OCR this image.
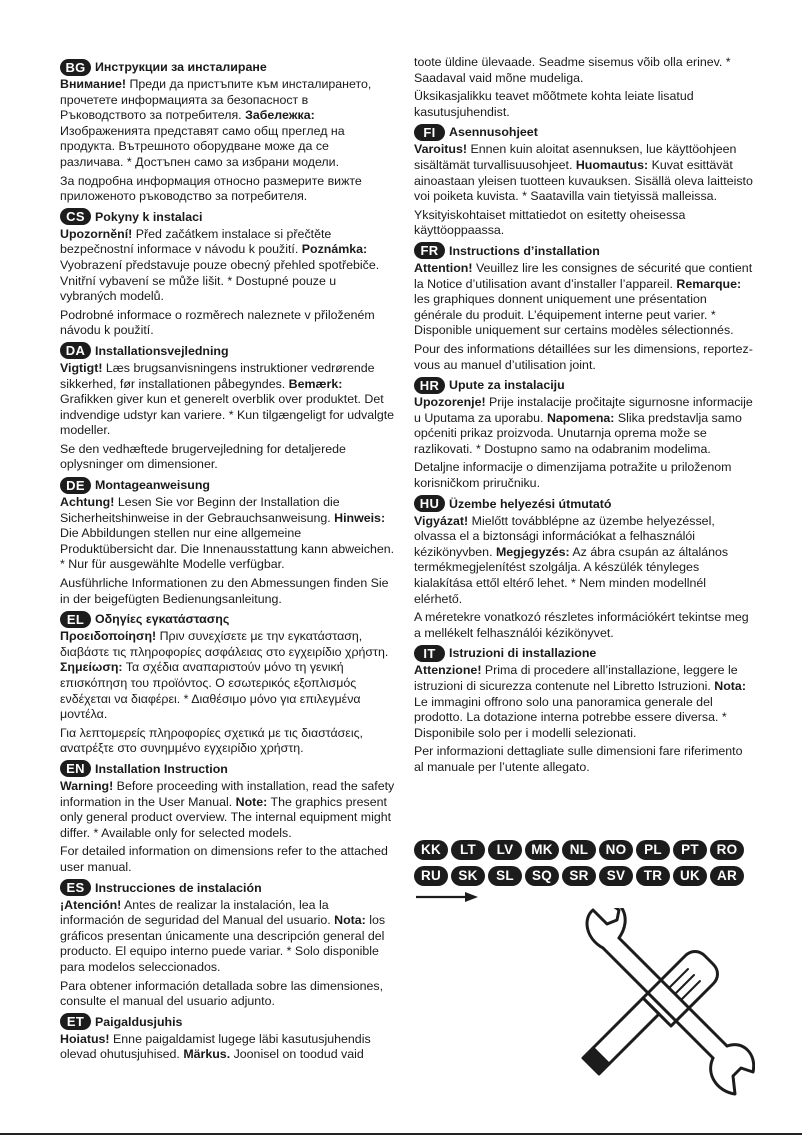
BG Инструкции за инсталиране

Внимание! Преди да пристъпите към инсталирането, прочетете информацията за безопасност в Ръководството за потребителя. Забележка: Изображенията представят само общ преглед на продукта. Вътрешното оборудване може да се различава. * Достъпен само за избрани модели.

За подробна информация относно размерите вижте приложеното ръководство за потребителя.

CS Pokyny k instalaci

Upozornění! Před začátkem instalace si přečtěte bezpečnostní informace v návodu k použití. Poznámka: Vyobrazení představuje pouze obecný přehled spotřebiče. Vnitřní vybavení se může lišit. * Dostupné pouze u vybraných modelů.

Podrobné informace o rozměrech naleznete v přiloženém návodu k použití.

DA Installationsvejledning

Vigtigt! Læs brugsanvisningens instruktioner vedrørende sikkerhed, før installationen påbegyndes. Bemærk: Grafikken giver kun et generelt overblik over produktet. Det indvendige udstyr kan variere. * Kun tilgængeligt for udvalgte modeller.

Se den vedhæftede brugervejledning for detaljerede oplysninger om dimensioner.

DE Montageanweisung

Achtung! Lesen Sie vor Beginn der Installation die Sicherheitshinweise in der Gebrauchsanweisung. Hinweis: Die Abbildungen stellen nur eine allgemeine Produktübersicht dar. Die Innenausstattung kann abweichen. * Nur für ausgewählte Modelle verfügbar.

Ausführliche Informationen zu den Abmessungen finden Sie in der beigefügten Bedienungsanleitung.

EL Οδηγίες εγκατάστασης

Προειδοποίηση! Πριν συνεχίσετε με την εγκατάσταση, διαβάστε τις πληροφορίες ασφάλειας στο εγχειρίδιο χρήστη. Σημείωση: Τα σχέδια αναπαριστούν μόνο τη γενική επισκόπηση του προϊόντος. Ο εσωτερικός εξοπλισμός ενδέχεται να διαφέρει. * Διαθέσιμο μόνο για επιλεγμένα μοντέλα.

Για λεπτομερείς πληροφορίες σχετικά με τις διαστάσεις, ανατρέξτε στο συνημμένο εγχειρίδιο χρήστη.

EN Installation Instruction

Warning! Before proceeding with installation, read the safety information in the User Manual. Note: The graphics present only general product overview. The internal equipment might differ. * Available only for selected models.

For detailed information on dimensions refer to the attached user manual.

ES Instrucciones de instalación

¡Atención! Antes de realizar la instalación, lea la información de seguridad del Manual del usuario. Nota: los gráficos presentan únicamente una descripción general del producto. El equipo interno puede variar. * Solo disponible para modelos seleccionados.

Para obtener información detallada sobre las dimensiones, consulte el manual del usuario adjunto.

ET Paigaldusjuhis

Hoiatus! Enne paigaldamist lugege läbi kasutusjuhendis olevad ohutusjuhised. Märkus. Joonisel on toodud vaid

toote üldine ülevaade. Seadme sisemus võib olla erinev. * Saadaval vaid mõne mudeliga.

Üksikasjalikku teavet mõõtmete kohta leiate lisatud kasutusjuhendist.

FI	Asennusohjeet

Varoitus! Ennen kuin aloitat asennuksen, lue käyttöohjeen sisältämät turvallisuusohjeet. Huomautus: Kuvat esittävät ainoastaan yleisen tuotteen kuvauksen. Sisällä oleva laitteisto voi poiketa kuvista. * Saatavilla vain tietyissä malleissa.

Yksityiskohtaiset mittatiedot on esitetty oheisessa käyttöoppaassa.

FR Instructions d’installation

Attention! Veuillez lire les consignes de sécurité que contient la Notice d’utilisation avant d’installer l’appareil. Remarque: les graphiques donnent uniquement une présentation générale du produit. L’équipement interne peut varier. * Disponible uniquement sur certains modèles sélectionnés.

Pour des informations détaillées sur les dimensions, reportez-vous au manuel d’utilisation joint.

HR Upute za instalaciju

Upozorenje! Prije instalacije pročitajte sigurnosne informacije u Uputama za uporabu. Napomena: Slika predstavlja samo općeniti prikaz proizvoda. Unutarnja oprema može se razlikovati. * Dostupno samo na odabranim modelima.

Detaljne informacije o dimenzijama potražite u priloženom korisničkom priručniku.

HU Üzembe helyezési útmutató

Vigyázat! Mielőtt továbblépne az üzembe helyezéssel, olvassa el a biztonsági információkat a felhasználói kézikönyvben. Megjegyzés: Az ábra csupán az általános termékmegjelenítést szolgálja. A készülék tényleges kialakítása ettől eltérő lehet. * Nem minden modellnél elérhető.

A méretekre vonatkozó részletes információkért tekintse meg a mellékelt felhasználói kézikönyvet.

IT	Istruzioni di installazione

Attenzione! Prima di procedere all’installazione, leggere le istruzioni di sicurezza contenute nel Libretto Istruzioni. Nota: Le immagini offrono solo una panoramica generale del prodotto. La dotazione interna potrebbe essere diversa. * Disponibile solo per i modelli selezionati.

Per informazioni dettagliate sulle dimensioni fare riferimento al manuale per l’utente allegato.

KK	LT	LV	MK	NL	NO	PL	PT	RO
RU	SK	SL	SQ	SR	SV	TR	UK	AR
